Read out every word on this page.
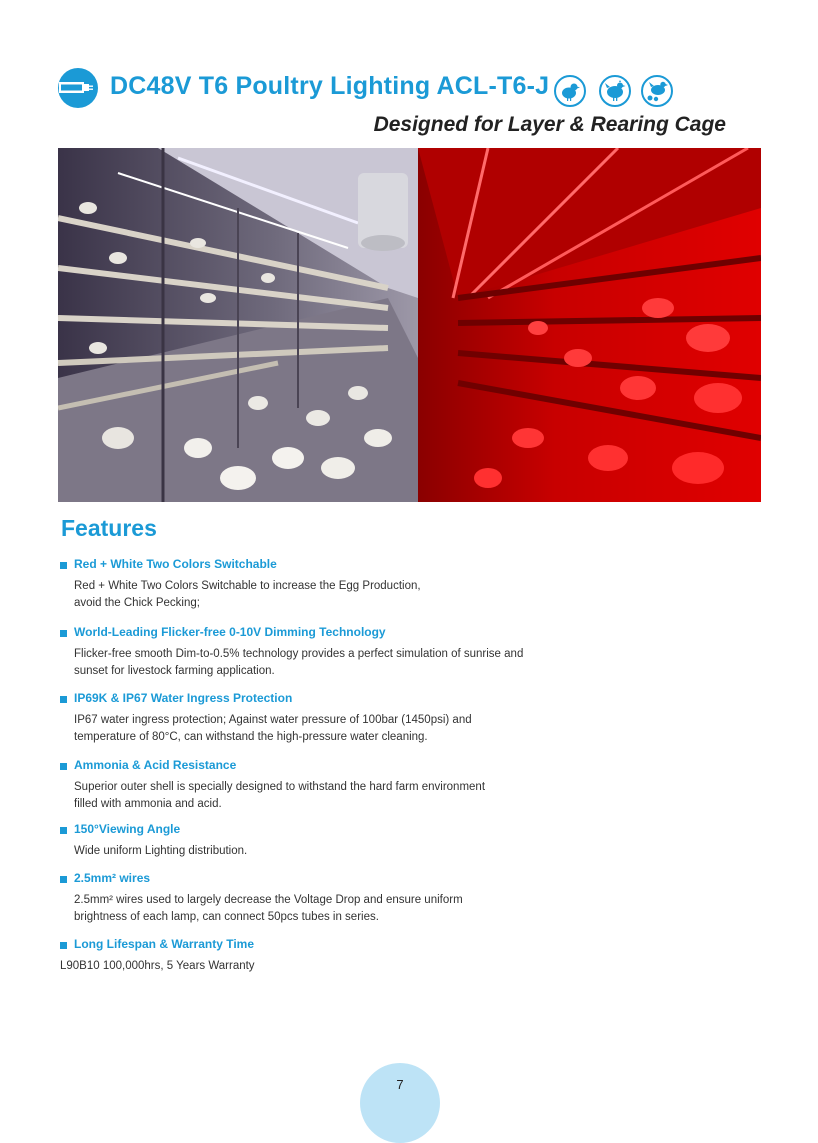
DC48V T6 Poultry Lighting ACL-T6-J
Designed for Layer & Rearing Cage
Features
Red + White Two Colors Switchable
Red + White Two Colors Switchable to increase the Egg Production,
avoid the Chick Pecking;
World-Leading Flicker-free 0-10V Dimming Technology
Flicker-free smooth Dim-to-0.5% technology provides a perfect simulation of sunrise and
sunset for livestock farming application.
IP69K & IP67 Water Ingress Protection
IP67 water ingress protection; Against water pressure of 100bar (1450psi) and
temperature of 80°C, can withstand the high-pressure water cleaning.
Ammonia & Acid Resistance
Superior outer shell is specially designed to withstand the hard farm environment
filled with ammonia and acid.
150°Viewing Angle
Wide uniform Lighting distribution.
2.5mm² wires
2.5mm² wires used to largely decrease the Voltage Drop and ensure uniform
brightness of each lamp, can connect 50pcs tubes in series.
Long Lifespan & Warranty Time
L90B10 100,000hrs, 5 Years Warranty
7
